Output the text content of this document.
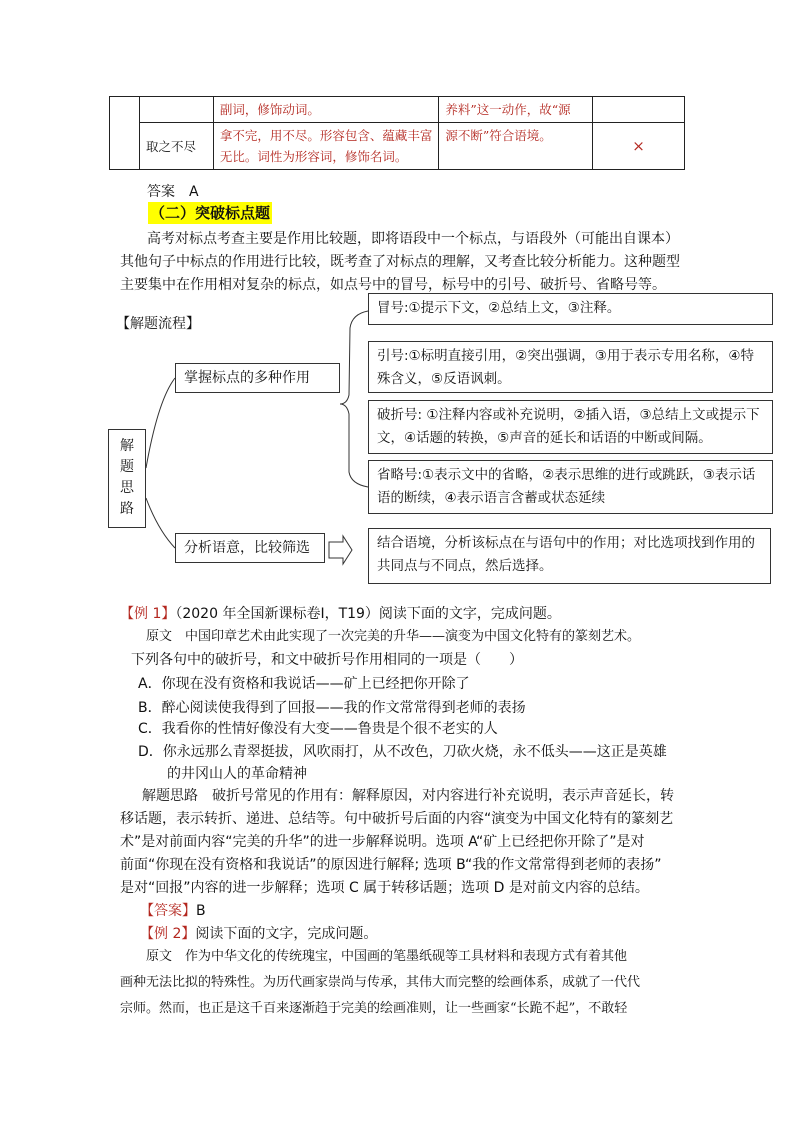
		副词，修饰动词。	养料”这一动作，故“源	
	取之不尽	拿不完，用不尽。形容包含、蕴藏丰富无比。词性为形容词，修饰名词。	源不断”符合语境。	×
答案　A
（二）突破标点题
高考对标点考查主要是作用比较题，即将语段中一个标点，与语段外（可能出自课本）
其他句子中标点的作用进行比较，既考查了对标点的理解，又考查比较分析能力。这种题型
主要集中在作用相对复杂的标点，如点号中的冒号，标号中的引号、破折号、省略号等。
【解题流程】
解题思路
掌握标点的多种作用
分析语意，比较筛选
冒号:①提示下文，②总结上文，③注释。
引号:①标明直接引用，②突出强调，③用于表示专用名称，④特殊含义，⑤反语讽刺。
破折号: ①注释内容或补充说明，②插入语，③总结上文或提示下文，④话题的转换，⑤声音的延长和话语的中断或间隔。
省略号:①表示文中的省略，②表示思维的进行或跳跃，③表示话语的断续，④表示语言含蓄或状态延续
结合语境，分析该标点在与语句中的作用；对比选项找到作用的共同点与不同点，然后选择。
【例 1】（2020 年全国新课标卷Ⅰ，T19）阅读下面的文字，完成问题。
原文　 中国印章艺术由此实现了一次完美的升华——演变为中国文化特有的篆刻艺术。
下列各句中的破折号，和文中破折号作用相同的一项是（　　）
A．你现在没有资格和我说话——矿上已经把你开除了
B．醉心阅读使我得到了回报——我的作文常常得到老师的表扬
C．我看你的性情好像没有大变——鲁贵是个很不老实的人
D．你永远那么青翠挺拔，风吹雨打，从不改色，刀砍火烧，永不低头——这正是英雄
的井冈山人的革命精神
解题思路　 破折号常见的作用有：解释原因，对内容进行补充说明，表示声音延长，转
移话题，表示转折、递进、总结等。句中破折号后面的内容“演变为中国文化特有的篆刻艺
术”是对前面内容“完美的升华”的进一步解释说明。选项 A“矿上已经把你开除了”是对
前面“你现在没有资格和我说话”的原因进行解释; 选项 B“我的作文常常得到老师的表扬”
是对“回报”内容的进一步解释；选项 C 属于转移话题；选项 D 是对前文内容的总结。
【答案】B
【例 2】阅读下面的文字，完成问题。
原文　 作为中华文化的传统瑰宝，中国画的笔墨纸砚等工具材料和表现方式有着其他
画种无法比拟的特殊性。为历代画家崇尚与传承，其伟大而完整的绘画体系，成就了一代代
宗师。然而，也正是这千百来逐渐趋于完美的绘画准则，让一些画家“长跪不起”，不敢轻
